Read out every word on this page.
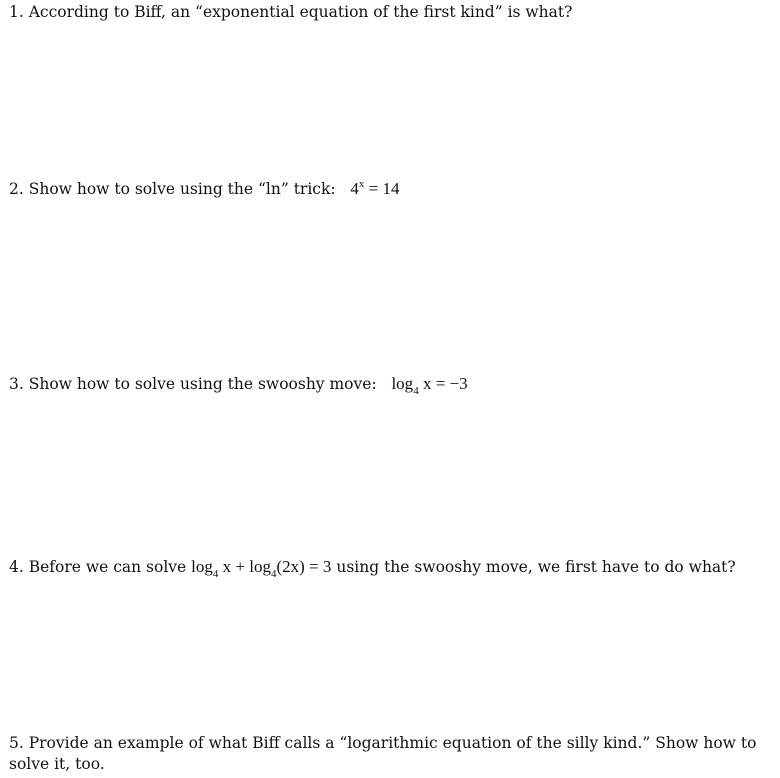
1. According to Biff, an “exponential equation of the first kind” is what?
2. Show how to solve using the “ln” trick: $4^x = 14$
3. Show how to solve using the swooshy move: $\log_4 x = -3$
4. Before we can solve $\log_4 x + \log_4(2x) = 3$ using the swooshy move, we first have to do what?
5. Provide an example of what Biff calls a “logarithmic equation of the silly kind.” Show how to solve it, too.
